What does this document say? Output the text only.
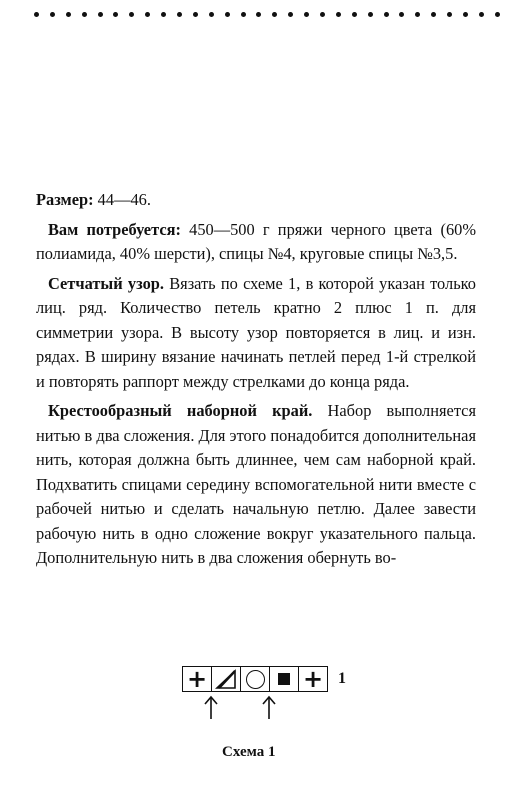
Размер: 44—46.

Вам потребуется: 450—500 г пряжи черного цвета (60% полиамида, 40% шерсти), спицы №4, круговые спицы №3,5.

Сетчатый узор. Вязать по схеме 1, в которой указан только лиц. ряд. Количество петель кратно 2 плюс 1 п. для симметрии узора. В высоту узор повторяется в лиц. и изн. рядах. В ширину вязание начинать петлей перед 1-й стрелкой и повторять раппорт между стрелками до конца ряда.

Крестообразный наборной край. Набор выполняется нитью в два сложения. Для этого понадобится дополнительная нить, которая должна быть длиннее, чем сам наборной край. Подхватить спицами середину вспомогательной нити вместе с рабочей нитью и сделать начальную петлю. Далее завести рабочую нить в одно сложение вокруг указательного пальца. Дополнительную нить в два сложения обернуть во-

+	+ 1
Схема 1
